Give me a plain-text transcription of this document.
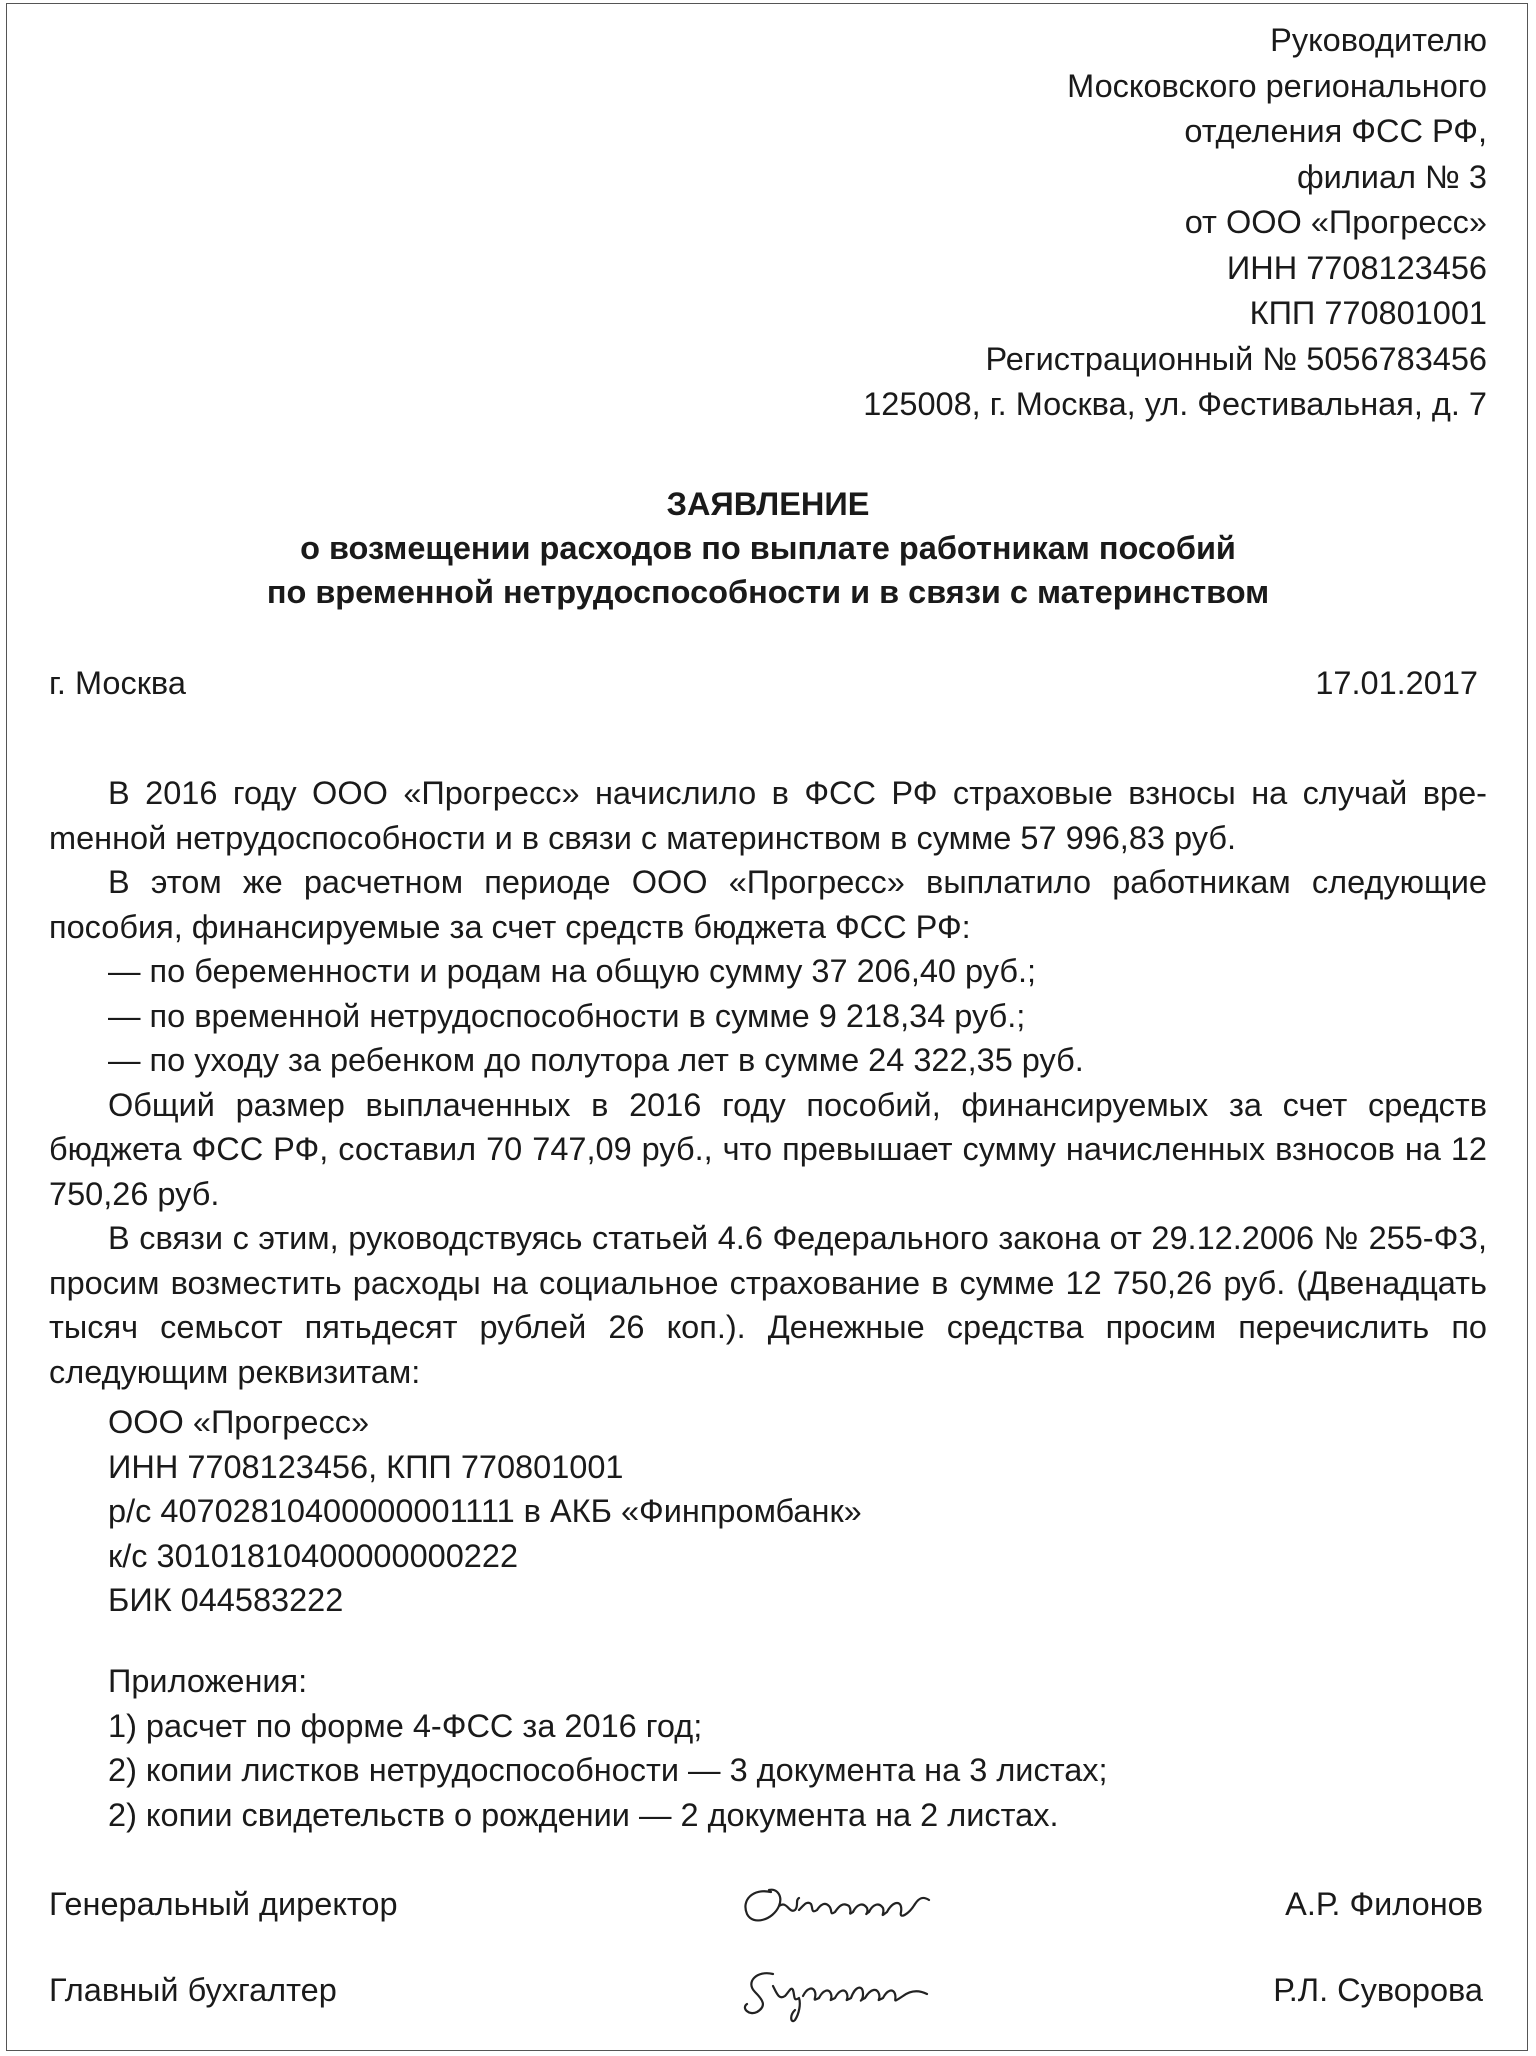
Руководителю
Московского регионального
отделения ФСС РФ,
филиал № 3
от ООО «Прогресс»
ИНН 7708123456
КПП 770801001
Регистрационный № 5056783456
125008, г. Москва, ул. Фестивальная, д. 7
ЗАЯВЛЕНИЕ
о возмещении расходов по выплате работникам пособий
по временной нетрудоспособности и в связи с материнством
г. Москва	17.01.2017

В 2016 году ООО «Прогресс» начислило в ФСС РФ страховые взносы на случай вреmенной нетрудоспособности и в связи с материнством в сумме 57 996,83 руб.

В этом же расчетном периоде ООО «Прогресс» выплатило работникам следующие пособия, финансируемые за счет средств бюджета ФСС РФ:

— по беременности и родам на общую сумму 37 206,40 руб.;
— по временной нетрудоспособности в сумме 9 218,34 руб.;
— по уходу за ребенком до полутора лет в сумме 24 322,35 руб.

Общий размер выплаченных в 2016 году пособий, финансируемых за счет средств бюджета ФСС РФ, составил 70 747,09 руб., что превышает сумму начисленных взносов на 12 750,26 руб.

В связи с этим, руководствуясь статьей 4.6 Федерального закона от 29.12.2006 № 255-ФЗ, просим возместить расходы на социальное страхование в сумме 12 750,26 руб. (Двенадцать тысяч семьсот пятьдесят рублей 26 коп.). Денежные средства просим перечислить по следующим реквизитам:

ООО «Прогресс»
ИНН 7708123456, КПП 770801001
р/с 40702810400000001111 в АКБ «Финпромбанк»
к/с 30101810400000000222
БИК 044583222
Приложения:
1) расчет по форме 4-ФСС за 2016 год;
2) копии листков нетрудоспособности — 3 документа на 3 листах;
2) копии свидетельств о рождении — 2 документа на 2 листах.
Генеральный директор	А.Р. Филонов
Главный бухгалтер	Р.Л. Суворова
